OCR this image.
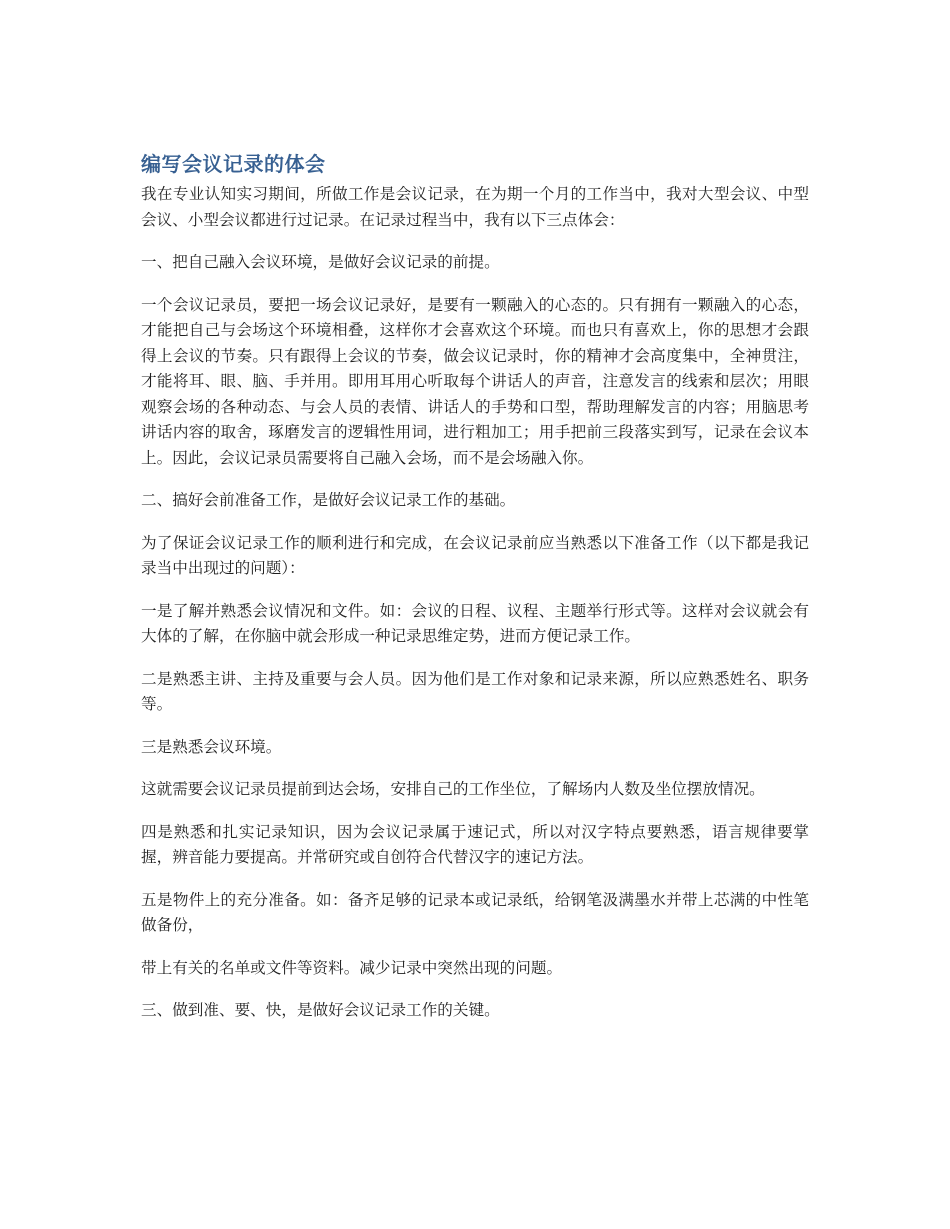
编写会议记录的体会

我在专业认知实习期间，所做工作是会议记录，在为期一个月的工作当中，我对大型会议、中型会议、小型会议都进行过记录。在记录过程当中，我有以下三点体会：

一、把自己融入会议环境，是做好会议记录的前提。

一个会议记录员，要把一场会议记录好，是要有一颗融入的心态的。只有拥有一颗融入的心态，才能把自己与会场这个环境相叠，这样你才会喜欢这个环境。而也只有喜欢上，你的思想才会跟得上会议的节奏。只有跟得上会议的节奏，做会议记录时，你的精神才会高度集中，全神贯注，才能将耳、眼、脑、手并用。即用耳用心听取每个讲话人的声音，注意发言的线索和层次；用眼观察会场的各种动态、与会人员的表情、讲话人的手势和口型，帮助理解发言的内容；用脑思考讲话内容的取舍，琢磨发言的逻辑性用词，进行粗加工；用手把前三段落实到写，记录在会议本上。因此，会议记录员需要将自己融入会场，而不是会场融入你。

二、搞好会前准备工作，是做好会议记录工作的基础。

为了保证会议记录工作的顺利进行和完成，在会议记录前应当熟悉以下准备工作（以下都是我记录当中出现过的问题）：

一是了解并熟悉会议情况和文件。如：会议的日程、议程、主题举行形式等。这样对会议就会有大体的了解，在你脑中就会形成一种记录思维定势，进而方便记录工作。

二是熟悉主讲、主持及重要与会人员。因为他们是工作对象和记录来源，所以应熟悉姓名、职务等。

三是熟悉会议环境。

这就需要会议记录员提前到达会场，安排自己的工作坐位，了解场内人数及坐位摆放情况。

四是熟悉和扎实记录知识，因为会议记录属于速记式，所以对汉字特点要熟悉，语言规律要掌握，辨音能力要提高。并常研究或自创符合代替汉字的速记方法。

五是物件上的充分准备。如：备齐足够的记录本或记录纸，给钢笔汲满墨水并带上芯满的中性笔做备份，

带上有关的名单或文件等资料。减少记录中突然出现的问题。

三、做到准、要、快，是做好会议记录工作的关键。
